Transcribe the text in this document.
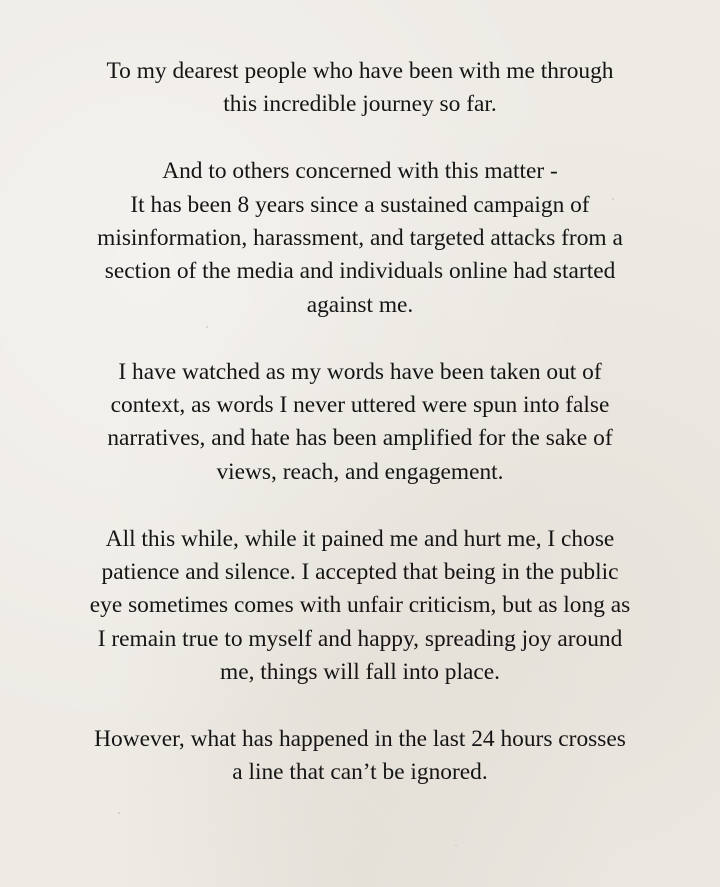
To my dearest people who have been with me through
this incredible journey so far.

And to others concerned with this matter -
It has been 8 years since a sustained campaign of
misinformation, harassment, and targeted attacks from a
section of the media and individuals online had started
against me.

I have watched as my words have been taken out of
context, as words I never uttered were spun into false
narratives, and hate has been amplified for the sake of
views, reach, and engagement.

All this while, while it pained me and hurt me, I chose
patience and silence. I accepted that being in the public
eye sometimes comes with unfair criticism, but as long as
I remain true to myself and happy, spreading joy around
me, things will fall into place.

However, what has happened in the last 24 hours crosses
a line that can’t be ignored.
